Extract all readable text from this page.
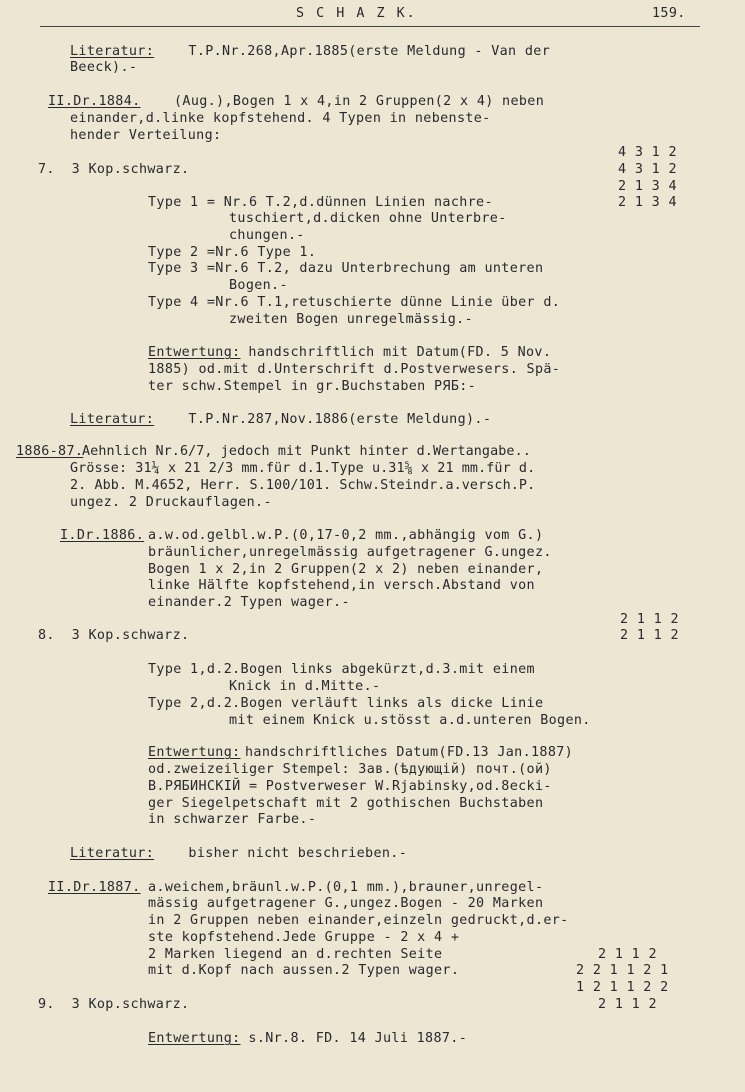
S C H A Z K.	159.
Literatur: T.P.Nr.268,Apr.1885(erste Meldung - Van der
Beeck).-
II.Dr.1884. (Aug.),Bogen 1 x 4,in 2 Gruppen(2 x 4) neben
einander,d.linke kopfstehend. 4 Typen in nebenste-
hender Verteilung:
4 3 1 2
4 3 1 2
2 1 3 4
2 1 3 4
7.  3 Kop.schwarz.
Type 1 = Nr.6 T.2,d.dünnen Linien nachre-
tuschiert,d.dicken ohne Unterbre-
chungen.-
Type 2 =Nr.6 Type 1.
Type 3 =Nr.6 T.2, dazu Unterbrechung am unteren
Bogen.-
Type 4 =Nr.6 T.1,retuschierte dünne Linie über d.
zweiten Bogen unregelmässig.-
Entwertung: handschriftlich mit Datum(FD. 5 Nov.
1885) od.mit d.Unterschrift d.Postverwesers. Spä-
ter schw.Stempel in gr.Buchstaben РЯБ:-
Literatur: T.P.Nr.287,Nov.1886(erste Meldung).-
1886-87.
Aehnlich Nr.6/7, jedoch mit Punkt hinter d.Wertangabe..
Grösse: 31¼ x 21 2/3 mm.für d.1.Type u.31⅝ x 21 mm.für d.
2. Abb. M.4652, Herr. S.100/101. Schw.Steindr.a.versch.P.
ungez. 2 Druckauflagen.-
I.Dr.1886. a.w.od.gelbl.w.P.(0,17-0,2 mm.,abhängig vom G.)
bräunlicher,unregelmässig aufgetragener G.ungez.
Bogen 1 x 2,in 2 Gruppen(2 x 2) neben einander,
linke Hälfte kopfstehend,in versch.Abstand von
einander.2 Typen wager.-
2 1 1 2
2 1 1 2
8.  3 Kop.schwarz.
Type 1,d.2.Bogen links abgekürzt,d.3.mit einem
Knick in d.Mitte.-
Type 2,d.2.Bogen verläuft links als dicke Linie
mit einem Knick u.stösst a.d.unteren Bogen.
Entwertung: handschriftliches Datum(FD.13 Jan.1887)
od.zweizeiliger Stempel: Зав.(ѣдующій) почт.(ой)
В.РЯБИНСКІЙ = Postverweser W.Rjabinsky,od.8ecki-
ger Siegelpetschaft mit 2 gothischen Buchstaben
in schwarzer Farbe.-
Literatur: bisher nicht beschrieben.-
II.Dr.1887. a.weichem,bräunl.w.P.(0,1 mm.),brauner,unregel-
mässig aufgetragener G.,ungez.Bogen - 20 Marken
in 2 Gruppen neben einander,einzeln gedruckt,d.er-
ste kopfstehend.Jede Gruppe - 2 x 4 +
2 Marken liegend an d.rechten Seite
mit d.Kopf nach aussen.2 Typen wager.
2 1 1 2
2 2 1 1 2 1
1 2 1 1 2 2
2 1 1 2
9.  3 Kop.schwarz.
Entwertung: s.Nr.8. FD. 14 Juli 1887.-
